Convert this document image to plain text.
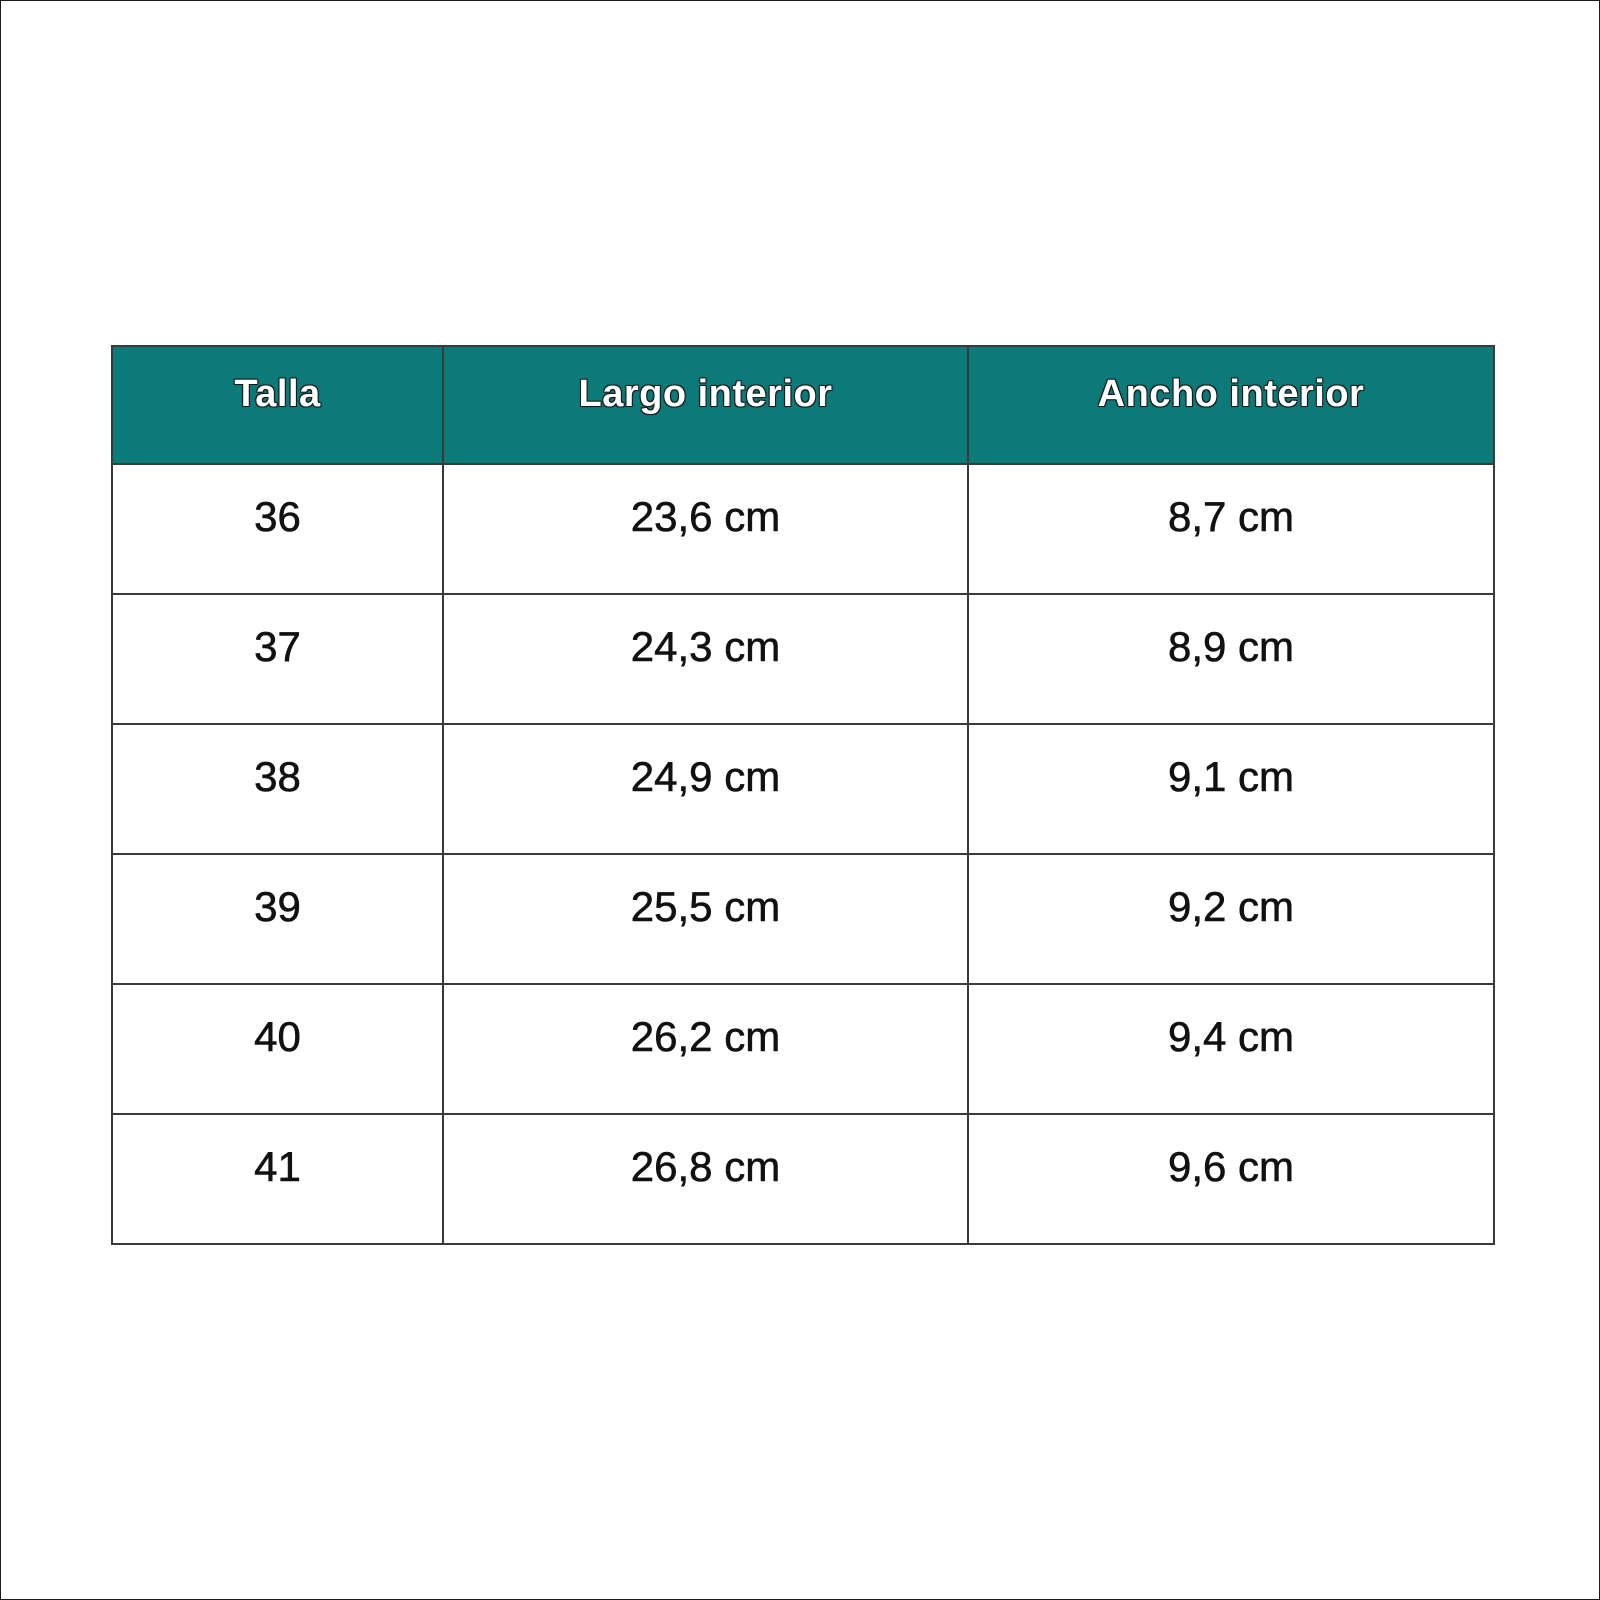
Talla	Largo interior	Ancho interior
36	23,6 cm	8,7 cm
37	24,3 cm	8,9 cm
38	24,9 cm	9,1 cm
39	25,5 cm	9,2 cm
40	26,2 cm	9,4 cm
41	26,8 cm	9,6 cm
